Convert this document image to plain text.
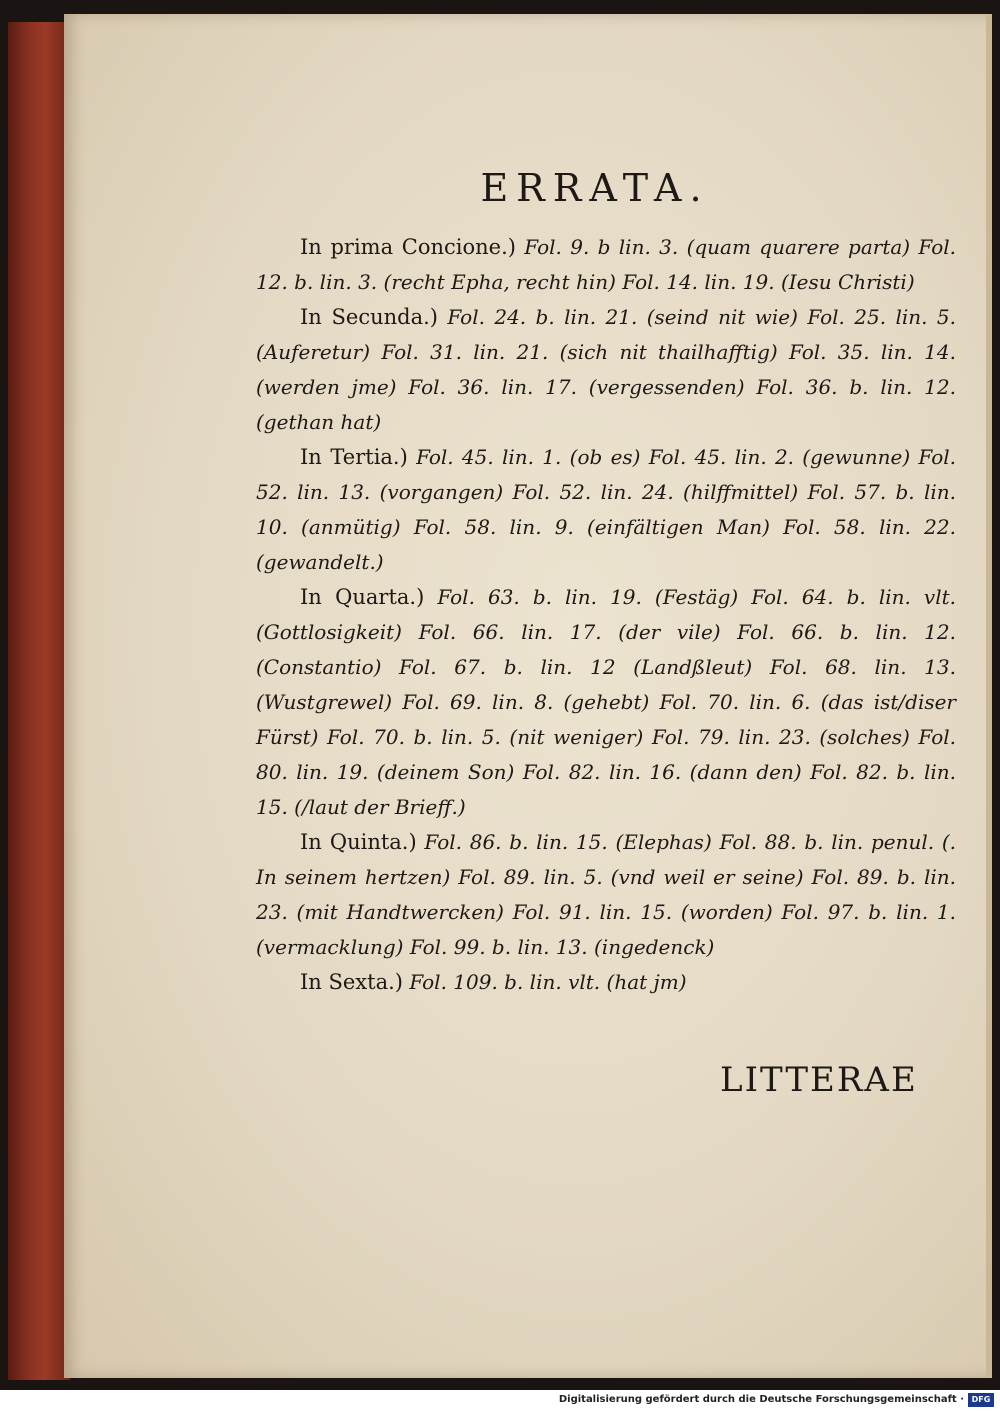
ERRATA.

In prima Concione.) Fol. 9. b lin. 3. (quam quarere parta) Fol. 12. b. lin. 3. (recht Epha, recht hin) Fol. 14. lin. 19. (Iesu Christi)

In Secunda.) Fol. 24. b. lin. 21. (seind nit wie) Fol. 25. lin. 5. (Auferetur) Fol. 31. lin. 21. (sich nit thailhafftig) Fol. 35. lin. 14. (werden jme) Fol. 36. lin. 17. (vergessenden) Fol. 36. b. lin. 12. (gethan hat)

In Tertia.) Fol. 45. lin. 1. (ob es) Fol. 45. lin. 2. (gewunne) Fol. 52. lin. 13. (vorgangen) Fol. 52. lin. 24. (hilffmittel) Fol. 57. b. lin. 10. (anmütig) Fol. 58. lin. 9. (einfältigen Man) Fol. 58. lin. 22. (gewandelt.)

In Quarta.) Fol. 63. b. lin. 19. (Festäg) Fol. 64. b. lin. vlt. (Gottlosigkeit) Fol. 66. lin. 17. (der vile) Fol. 66. b. lin. 12. (Constantio) Fol. 67. b. lin. 12 (Landßleut) Fol. 68. lin. 13. (Wustgrewel) Fol. 69. lin. 8. (gehebt) Fol. 70. lin. 6. (das ist/diser Fürst) Fol. 70. b. lin. 5. (nit weniger) Fol. 79. lin. 23. (solches) Fol. 80. lin. 19. (deinem Son) Fol. 82. lin. 16. (dann den) Fol. 82. b. lin. 15. (/laut der Brieff.)

In Quinta.) Fol. 86. b. lin. 15. (Elephas) Fol. 88. b. lin. penul. (. In seinem hertzen) Fol. 89. lin. 5. (vnd weil er seine) Fol. 89. b. lin. 23. (mit Handtwercken) Fol. 91. lin. 15. (worden) Fol. 97. b. lin. 1. (vermacklung) Fol. 99. b. lin. 13. (ingedenck)

In Sexta.) Fol. 109. b. lin. vlt. (hat jm)

LITTERAE
Digitalisierung gefördert durch die Deutsche Forschungsgemeinschaft · DFG
